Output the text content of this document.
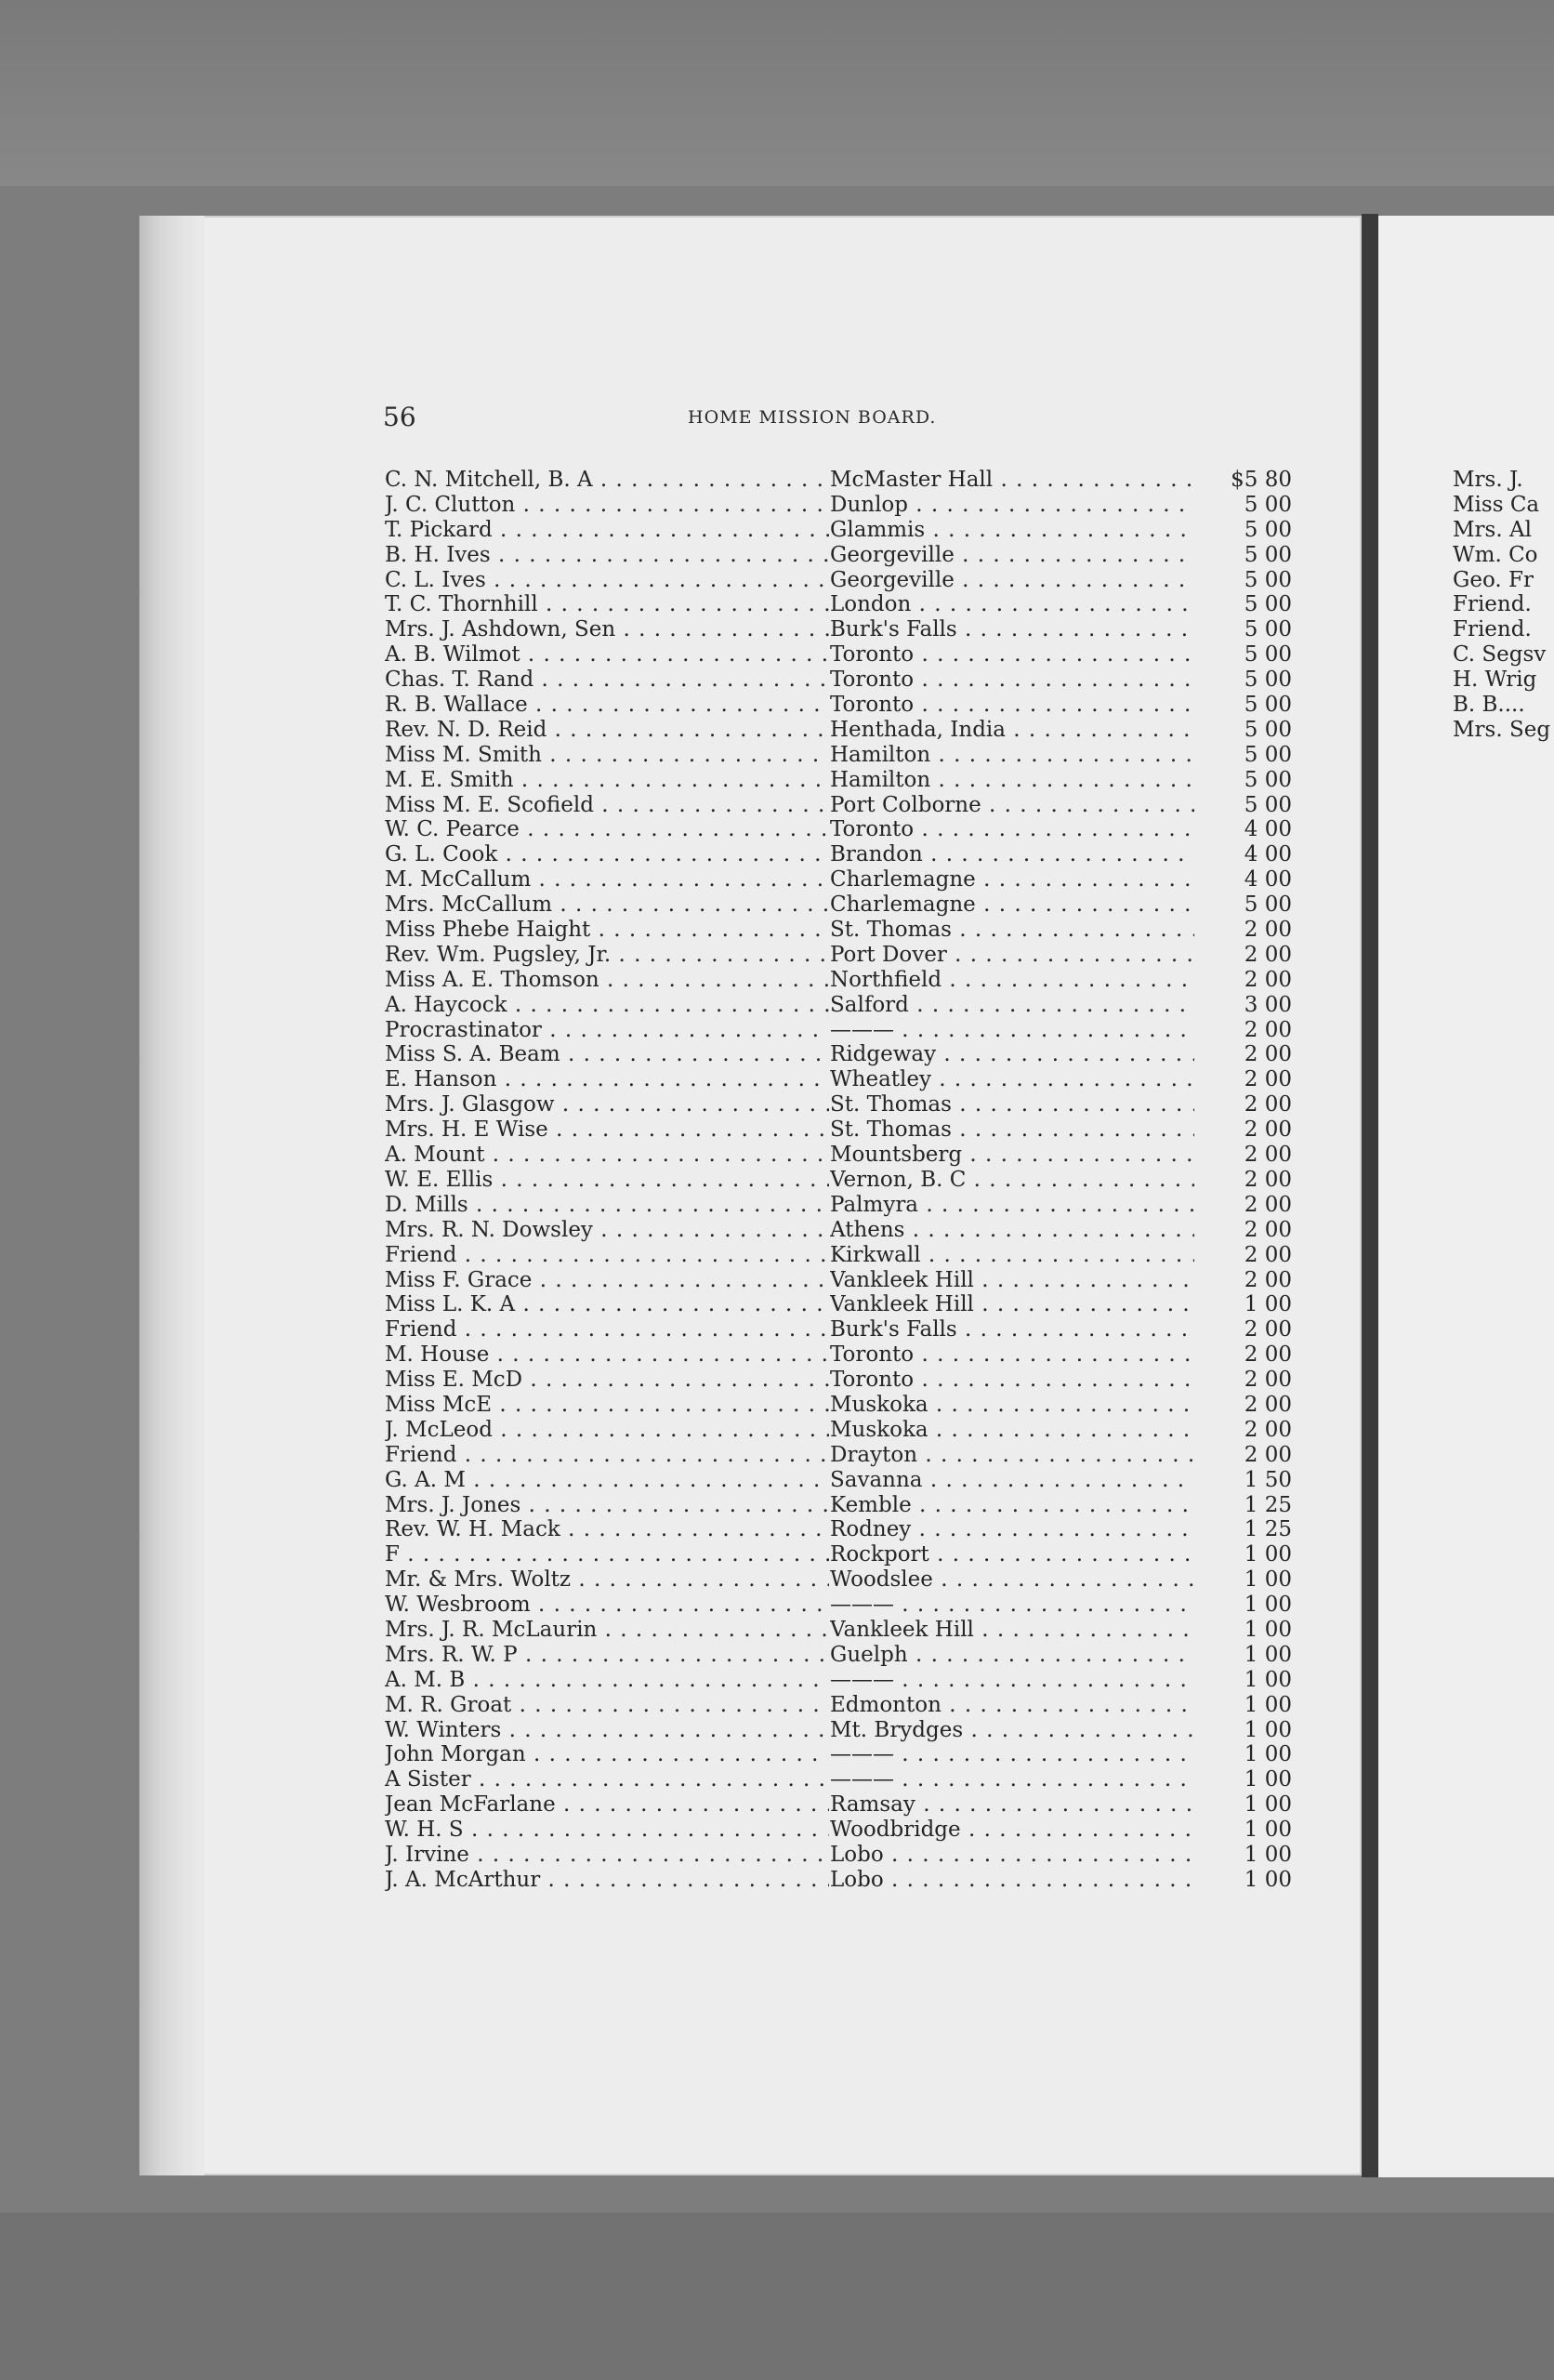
56	HOME MISSION BOARD.
C. N. Mitchell, B. A . . .	McMaster Hall . . .	$5 80
J. C. Clutton . . .	Dunlop . . .	5 00
T. Pickard . . .	Glammis . . .	5 00
B. H. Ives . . .	Georgeville . . .	5 00
C. L. Ives . . .	Georgeville . . .	5 00
T. C. Thornhill . . .	London . . .	5 00
Mrs. J. Ashdown, Sen . . .	Burk's Falls . . .	5 00
A. B. Wilmot . . .	Toronto . . .	5 00
Chas. T. Rand . . .	Toronto . . .	5 00
R. B. Wallace . . .	Toronto . . .	5 00
Rev. N. D. Reid . . .	Henthada, India . . .	5 00
Miss M. Smith . . .	Hamilton . . .	5 00
M. E. Smith . . .	Hamilton . . .	5 00
Miss M. E. Scofield . . .	Port Colborne . . .	5 00
W. C. Pearce . . .	Toronto . . .	4 00
G. L. Cook . . .	Brandon . . .	4 00
M. McCallum . . .	Charlemagne . . .	4 00
Mrs. McCallum . . .	Charlemagne . . .	5 00
Miss Phebe Haight . . .	St. Thomas . . .	2 00
Rev. Wm. Pugsley, Jr. . . .	Port Dover . . .	2 00
Miss A. E. Thomson . . .	Northfield . . .	2 00
A. Haycock . . .	Salford . . .	3 00
Procrastinator . . .	——— . . .	2 00
Miss S. A. Beam . . .	Ridgeway . . .	2 00
E. Hanson . . .	Wheatley . . .	2 00
Mrs. J. Glasgow . . .	St. Thomas . . .	2 00
Mrs. H. E Wise . . .	St. Thomas . . .	2 00
A. Mount . . .	Mountsberg . . .	2 00
W. E. Ellis . . .	Vernon, B. C . . .	2 00
D. Mills . . .	Palmyra . . .	2 00
Mrs. R. N. Dowsley . . .	Athens . . .	2 00
Friend . . .	Kirkwall . . .	2 00
Miss F. Grace . . .	Vankleek Hill . . .	2 00
Miss L. K. A . . .	Vankleek Hill . . .	1 00
Friend . . .	Burk's Falls . . .	2 00
M. House . . .	Toronto . . .	2 00
Miss E. McD . . .	Toronto . . .	2 00
Miss McE . . .	Muskoka . . .	2 00
J. McLeod . . .	Muskoka . . .	2 00
Friend . . .	Drayton . . .	2 00
G. A. M . . .	Savanna . . .	1 50
Mrs. J. Jones . . .	Kemble . . .	1 25
Rev. W. H. Mack . . .	Rodney . . .	1 25
F . . .	Rockport . . .	1 00
Mr. & Mrs. Woltz . . .	Woodslee . . .	1 00
W. Wesbroom . . .	——— . . .	1 00
Mrs. J. R. McLaurin . . .	Vankleek Hill . . .	1 00
Mrs. R. W. P . . .	Guelph . . .	1 00
A. M. B . . .	——— . . .	1 00
M. R. Groat . . .	Edmonton . . .	1 00
W. Winters . . .	Mt. Brydges . . .	1 00
John Morgan . . .	——— . . .	1 00
A Sister . . .	——— . . .	1 00
Jean McFarlane . . .	Ramsay . . .	1 00
W. H. S . . .	Woodbridge . . .	1 00
J. Irvine . . .	Lobo . . .	1 00
J. A. McArthur . . .	Lobo . . .	1 00
Mrs. J.
Miss Ca
Mrs. Al
Wm. Co
Geo. Fr
Friend.
Friend.
C. Segsv
H. Wrig
B. B....
Mrs. Seg
